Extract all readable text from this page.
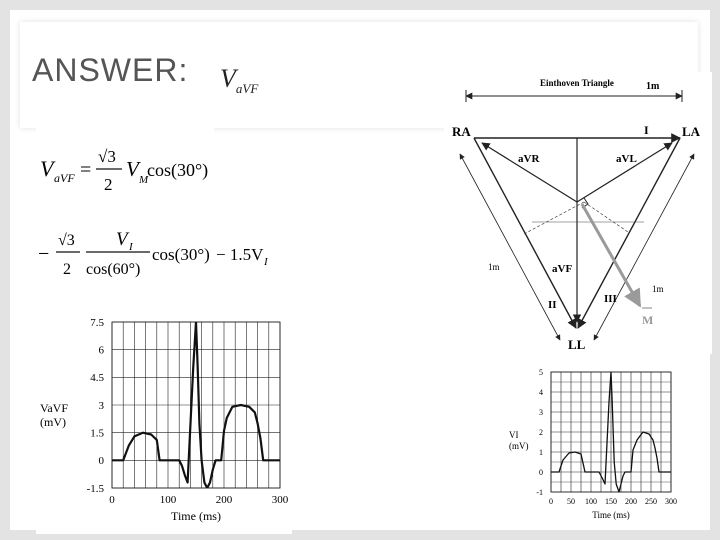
ANSWER: $V_{aVF}$
V aVF =
√3
2
V M
cos(30°)
−
√3
2
V I
cos(60°)
cos(30°) − 1.5V I
Einthoven Triangle	1m
RA	LA
LL
I
II	III
aVR	aVL
aVF
1m
1m
M
0	100	200	300
-1.5
0
1.5
3
4.5
6
7.5
Time (ms)
VaVF
(mV)
0 50 100 150 200 250 300
-1
0
1
2
3
4
5
Time (ms)
VI
(mV)
